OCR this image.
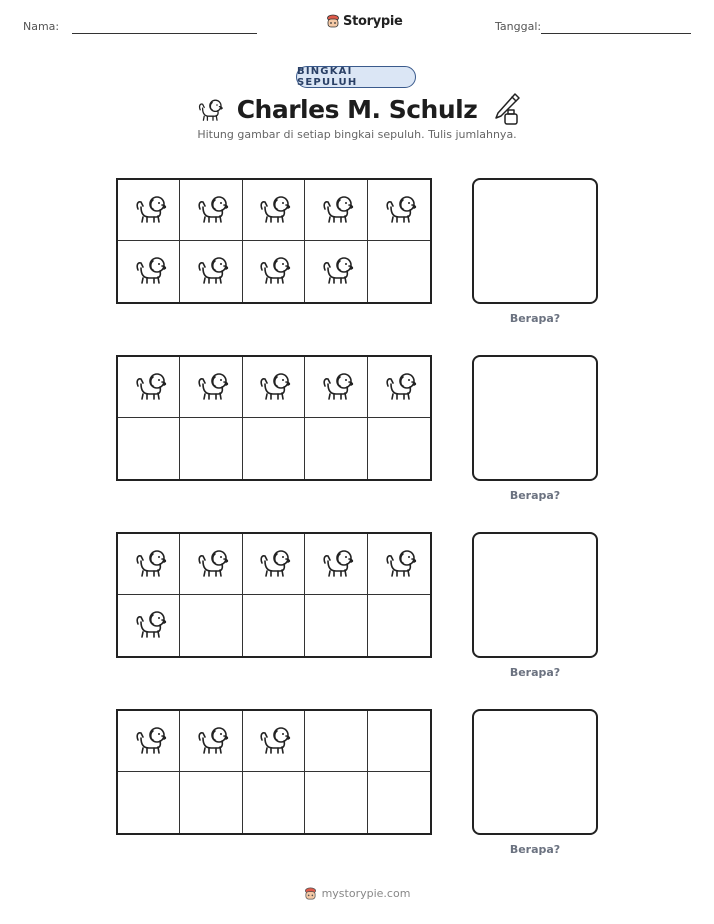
Nama:	Storypie	Tanggal:
BINGKAI SEPULUH
Charles M. Schulz
Hitung gambar di setiap bingkai sepuluh. Tulis jumlahnya.
Berapa?
Berapa?
Berapa?
Berapa?
mystorypie.com
